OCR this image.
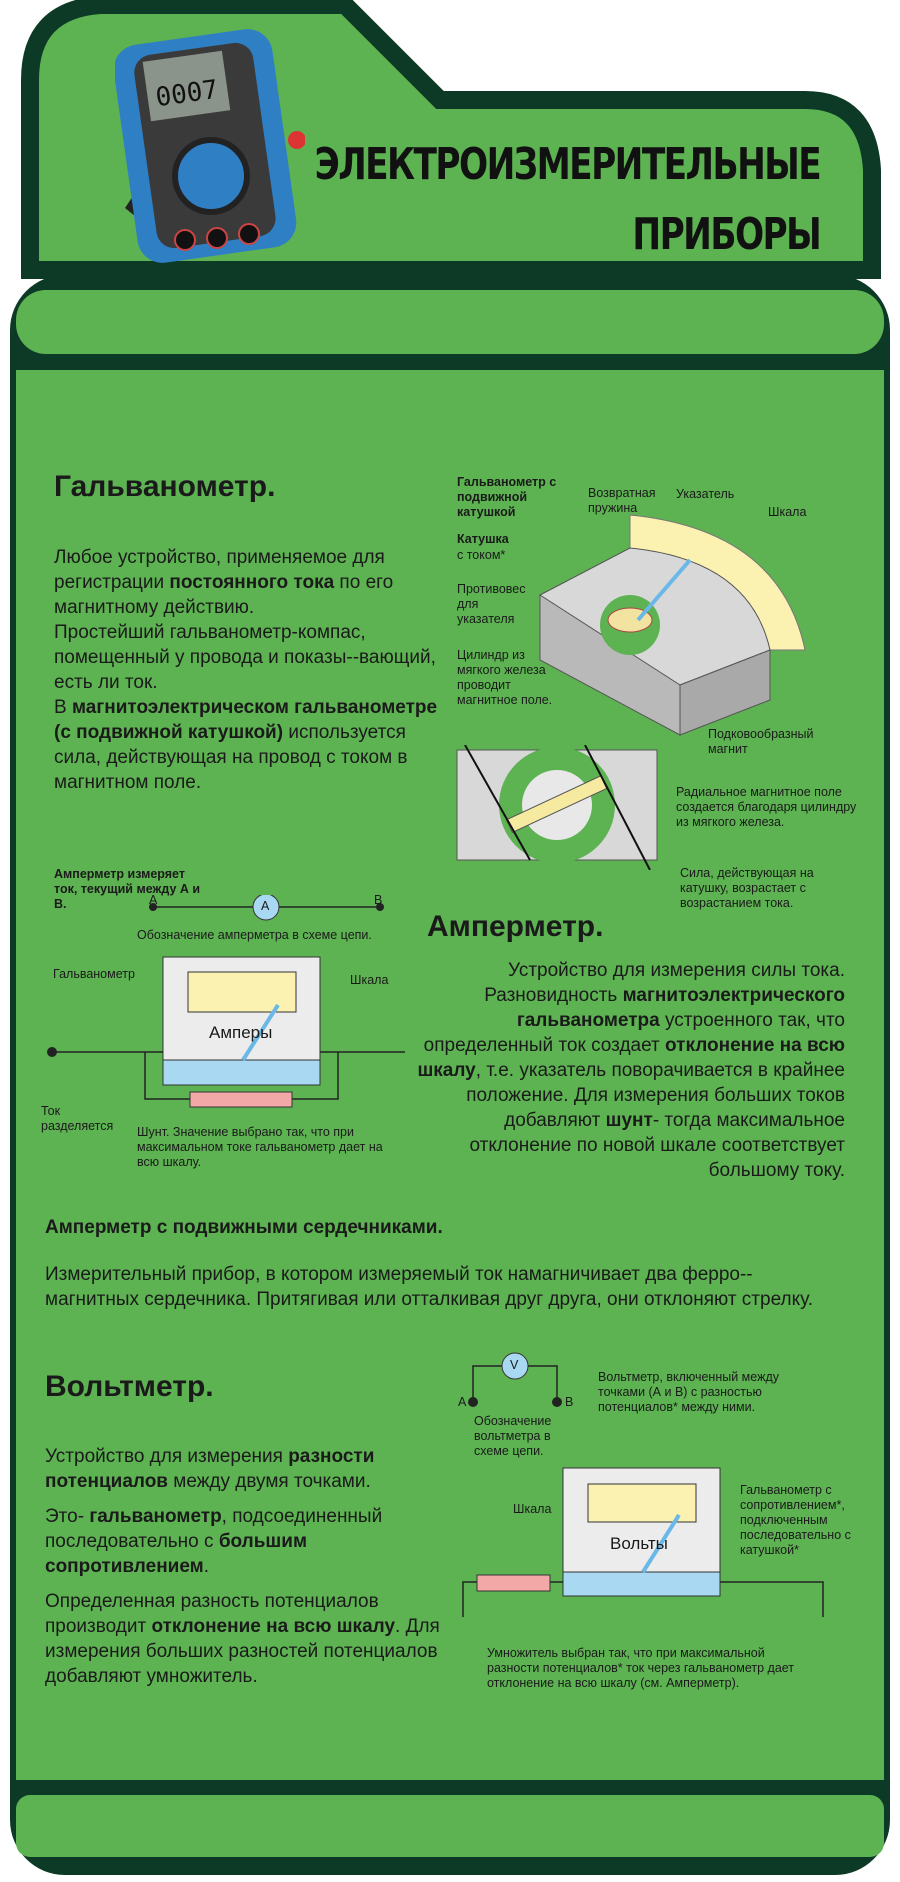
0007
ЭЛЕКТРОИЗМЕРИТЕЛЬНЫЕ
ПРИБОРЫ
Гальванометр.
Любое устройство, применяемое для регистрации постоянного тока по его магнитному действию.
Простейший гальванометр-компас, помещенный у провода и показы--вающий, есть ли ток.
В магнитоэлектрическом гальванометре
(с подвижной катушкой) используется сила, действующая на провод с током в магнитном поле.
Гальванометр с подвижной катушкой
Катушка
с током*
Возвратная пружина
Указатель
Шкала
Противовес для указателя
Цилиндр из мягкого железа проводит магнитное поле.
Подковообразный магнит
Радиальное магнитное поле создается благодаря цилиндру из мягкого железа.
Сила, действующая на катушку, возрастает с возрастанием тока.
Амперметр измеряет ток, текущий между А и В.	A	B
A
Обозначение амперметра в схеме цепи.
Гальванометр	Шкала
Амперы
Ток разделяется	Шунт. Значение выбрано так, что при максимальном токе гальванометр дает на всю шкалу.
Амперметр.
Устройство для измерения силы тока.
Разновидность магнитоэлектрического гальванометра устроенного так, что определенный ток создает отклонение на всю шкалу, т.е. указатель поворачивается в крайнее положение. Для измерения больших токов добавляют шунт- тогда максимальное отклонение по новой шкале соответствует большому току.
Амперметр с подвижными сердечниками.
Измерительный прибор, в котором измеряемый ток намагничивает два ферро--магнитных сердечника. Притягивая или отталкивая друг друга, они отклоняют стрелку.
Вольтметр.
Устройство для измерения разности потенциалов между двумя точками.
Это- гальванометр, подсоединенный последовательно с большим сопротивлением.
Определенная разность потенциалов производит отклонение на всю шкалу. Для измерения больших разностей потенциалов добавляют умножитель.
A	B
V
Обозначение вольтметра в схеме цепи.
Вольтметр, включенный между точками (А и В) с разностью потенциалов* между ними.
Шкала
Вольты
Гальванометр с сопротивлением*, подключенным последовательно с катушкой*
Умножитель выбран так, что при максимальной разности потенциалов* ток через гальванометр дает отклонение на всю шкалу (см. Амперметр).
